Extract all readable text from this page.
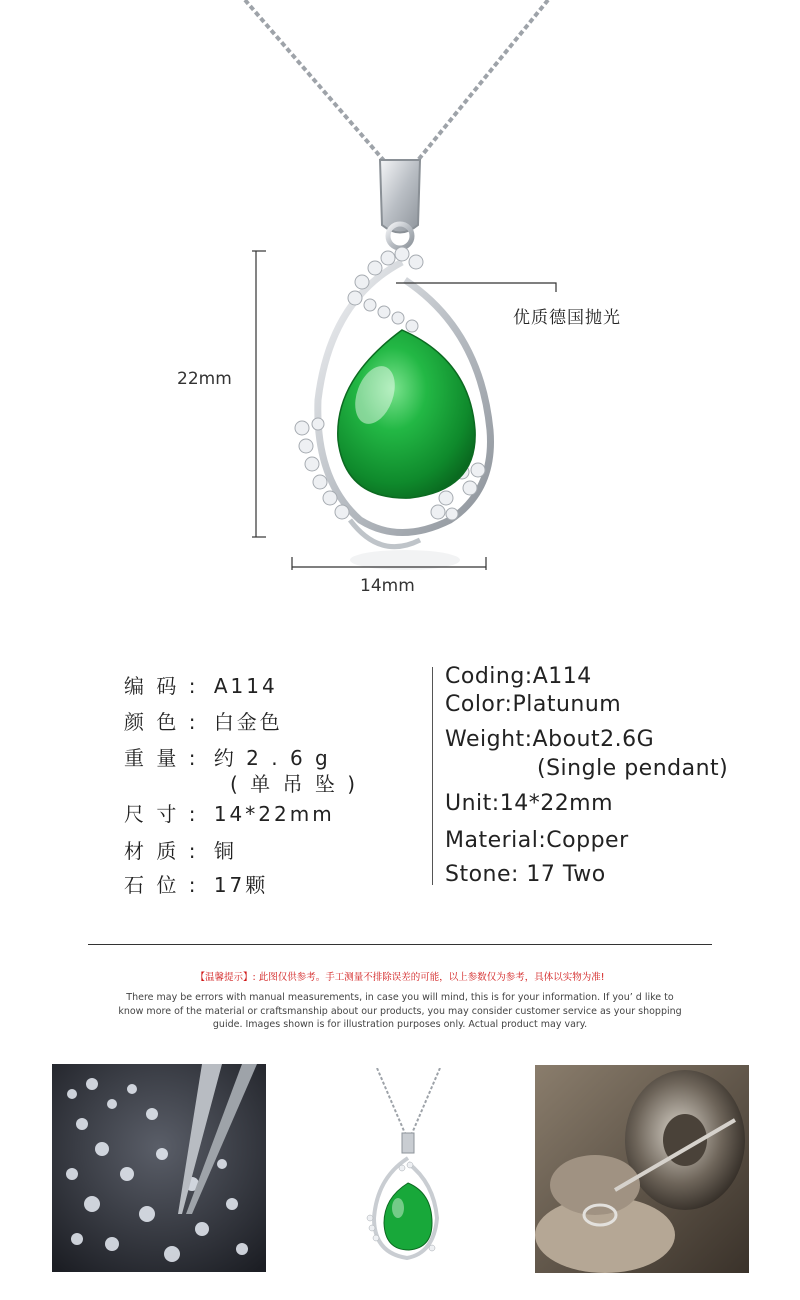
22mm
14mm
优质德国抛光
编 码 : A114
颜 色 : 白金色
重 量 : 约 2 . 6 g
( 单 吊 坠 )
尺 寸 : 14*22mm
材 质 : 铜
石 位 : 17颗
Coding:A114
Color:Platunum
Weight:About2.6G
(Single pendant)
Unit:14*22mm
Material:Copper
Stone: 17 Two
【温馨提示】: 此图仅供参考。手工测量不排除误差的可能，以上参数仅为参考，具体以实物为准!
There may be errors with manual measurements, in case you will mind, this is for your information. If you’ d like to know more of the material or craftsmanship about our products, you may consider customer service as your shopping guide. Images shown is for illustration purposes only. Actual product may vary.
